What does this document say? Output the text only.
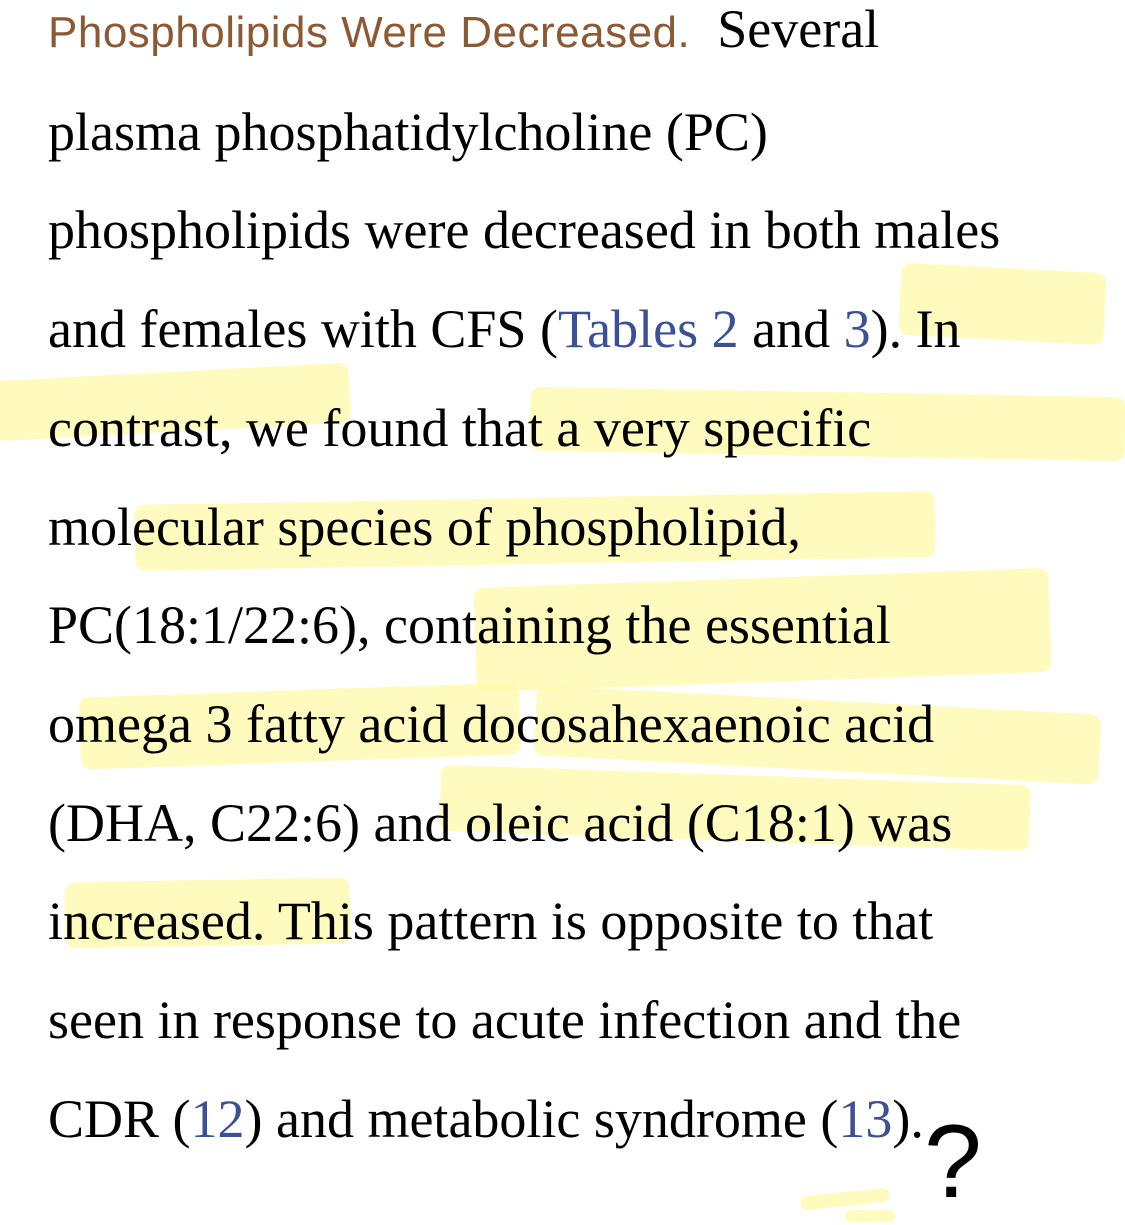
Phospholipids Were Decreased. Several
plasma phosphatidylcholine (PC)
phospholipids were decreased in both males
and females with CFS (Tables 2 and 3). In
contrast, we found that a very specific
molecular species of phospholipid,
PC(18:1/22:6), containing the essential
omega 3 fatty acid docosahexaenoic acid
(DHA, C22:6) and oleic acid (C18:1) was
increased. This pattern is opposite to that
seen in response to acute infection and the
CDR (12) and metabolic syndrome (13). ?
